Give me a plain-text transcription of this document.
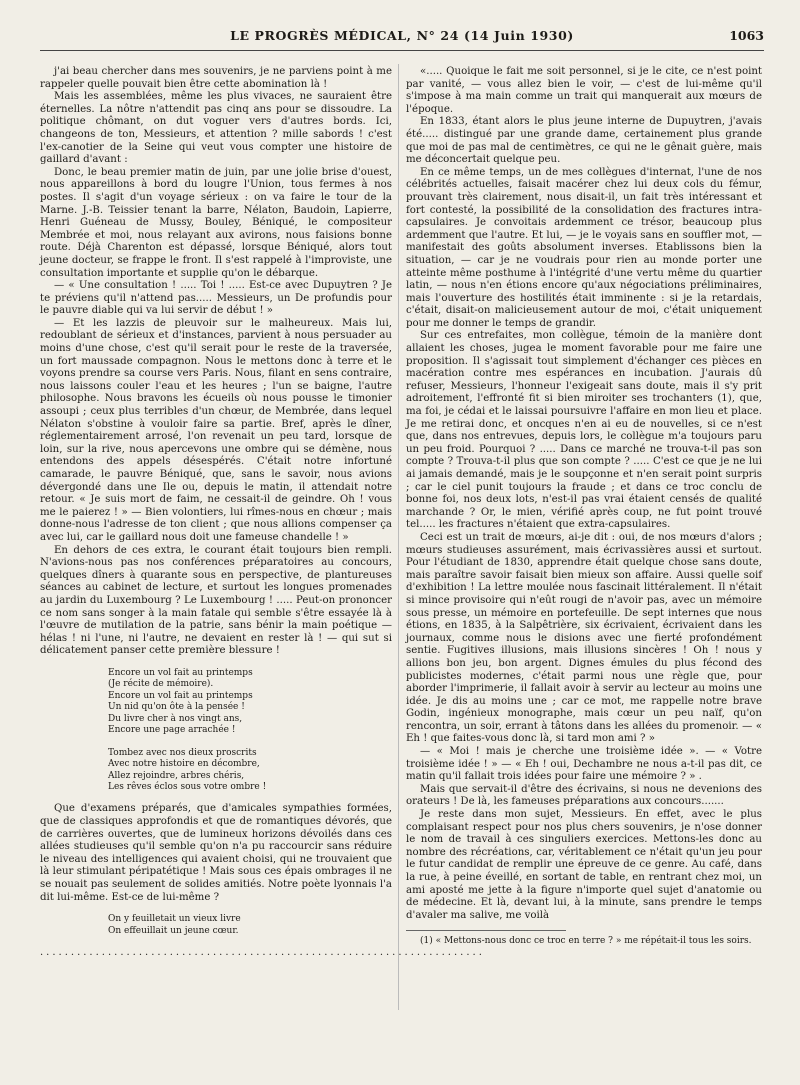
LE PROGRÈS MÉDICAL, N° 24 (14 Juin 1930)	1063

j'ai beau chercher dans mes souvenirs, je ne parviens point à me rappeler quelle pouvait bien être cette abomination là !

Mais les assemblées, même les plus vivaces, ne sauraient être éternelles. La nôtre n'attendit pas cinq ans pour se dissoudre. La politique chômant, on dut voguer vers d'autres bords. Ici, changeons de ton, Messieurs, et attention ? mille sabords ! c'est l'ex-canotier de la Seine qui veut vous compter une histoire de gaillard d'avant :

Donc, le beau premier matin de juin, par une jolie brise d'ouest, nous appareillons à bord du lougre l'Union, tous fermes à nos postes. Il s'agit d'un voyage sérieux : on va faire le tour de la Marne. J.-B. Teissier tenant la barre, Nélaton, Baudoin, Lapierre, Henri Guéneau de Mussy, Bouley, Béniqué, le compositeur Membrée et moi, nous relayant aux avirons, nous faisions bonne route. Déjà Charenton est dépassé, lorsque Béniqué, alors tout jeune docteur, se frappe le front. Il s'est rappelé à l'improviste, une consultation importante et supplie qu'on le débarque.

— « Une consultation ! ..... Toi ! ..... Est-ce avec Dupuytren ? Je te préviens qu'il n'attend pas..... Messieurs, un De profundis pour le pauvre diable qui va lui servir de début ! »

— Et les lazzis de pleuvoir sur le malheureux. Mais lui, redoublant de sérieux et d'instances, parvient à nous persuader au moins d'une chose, c'est qu'il serait pour le reste de la traversée, un fort maussade compagnon. Nous le mettons donc à terre et le voyons prendre sa course vers Paris. Nous, filant en sens contraire, nous laissons couler l'eau et les heures ; l'un se baigne, l'autre philosophe. Nous bravons les écueils où nous pousse le timonier assoupi ; ceux plus terribles d'un chœur, de Membrée, dans lequel Nélaton s'obstine à vouloir faire sa partie. Bref, après le dîner, réglementairement arrosé, l'on revenait un peu tard, lorsque de loin, sur la rive, nous apercevons une ombre qui se démène, nous entendons des appels désespérés. C'était notre infortuné camarade, le pauvre Béniqué, que, sans le savoir, nous avions dévergondé dans une Ile ou, depuis le matin, il attendait notre retour. « Je suis mort de faim, ne cessait-il de geindre. Oh ! vous me le paierez ! » — Bien volontiers, lui rîmes-nous en chœur ; mais donne-nous l'adresse de ton client ; que nous allions compenser ça avec lui, car le gaillard nous doit une fameuse chandelle ! »

En dehors de ces extra, le courant était toujours bien rempli. N'avions-nous pas nos conférences préparatoires au concours, quelques dîners à quarante sous en perspective, de plantureuses séances au cabinet de lecture, et surtout les longues promenades au jardin du Luxembourg ? Le Luxembourg ! ..... Peut-on prononcer ce nom sans songer à la main fatale qui semble s'être essayée là à l'œuvre de mutilation de la patrie, sans bénir la main poétique — hélas ! ni l'une, ni l'autre, ne devaient en rester là ! — qui sut si délicatement panser cette première blessure !

Encore un vol fait au printemps
(Je récite de mémoire).
Encore un vol fait au printemps
Un nid qu'on ôte à la pensée !
Du livre cher à nos vingt ans,
Encore une page arrachée !
Tombez avec nos dieux proscrits
Avec notre histoire en décombre,
Allez rejoindre, arbres chéris,
Les rêves éclos sous votre ombre !

Que d'examens préparés, que d'amicales sympathies formées, que de classiques approfondis et que de romantiques dévorés, que de carrières ouvertes, que de lumineux horizons dévoilés dans ces allées studieuses qu'il semble qu'on n'a pu raccourcir sans réduire le niveau des intelligences qui avaient choisi, qui ne trouvaient que là leur stimulant péripatétique ! Mais sous ces épais ombrages il ne se nouait pas seulement de solides amitiés. Notre poète lyonnais l'a dit lui-même. Est-ce de lui-même ?

On y feuilletait un vieux livre
On effeuillait un jeune cœur.
........................................................................

«..... Quoique le fait me soit personnel, si je le cite, ce n'est point par vanité, — vous allez bien le voir, — c'est de lui-même qu'il s'impose à ma main comme un trait qui manquerait aux mœurs de l'époque.

En 1833, étant alors le plus jeune interne de Dupuytren, j'avais été..... distingué par une grande dame, certainement plus grande que moi de pas mal de centimètres, ce qui ne le gênait guère, mais me déconcertait quelque peu.

En ce même temps, un de mes collègues d'internat, l'une de nos célébrités actuelles, faisait macérer chez lui deux cols du fémur, prouvant très clairement, nous disait-il, un fait très intéressant et fort contesté, la possibilité de la consolidation des fractures intra-capsulaires. Je convoitais ardemment ce trésor, beaucoup plus ardemment que l'autre. Et lui, — je le voyais sans en souffler mot, — manifestait des goûts absolument inverses. Etablissons bien la situation, — car je ne voudrais pour rien au monde porter une atteinte même posthume à l'intégrité d'une vertu même du quartier latin, — nous n'en étions encore qu'aux négociations préliminaires, mais l'ouverture des hostilités était imminente : si je la retardais, c'était, disait-on malicieusement autour de moi, c'était uniquement pour me donner le temps de grandir.

Sur ces entrefaites, mon collègue, témoin de la manière dont allaient les choses, jugea le moment favorable pour me faire une proposition. Il s'agissait tout simplement d'échanger ces pièces en macération contre mes espérances en incubation. J'aurais dû refuser, Messieurs, l'honneur l'exigeait sans doute, mais il s'y prit adroitement, l'effronté fit si bien miroiter ses trochanters (1), que, ma foi, je cédai et le laissai poursuivre l'affaire en mon lieu et place. Je me retirai donc, et oncques n'en ai eu de nouvelles, si ce n'est que, dans nos entrevues, depuis lors, le collègue m'a toujours paru un peu froid. Pourquoi ? ..... Dans ce marché ne trouva-t-il pas son compte ? Trouva-t-il plus que son compte ? ..... C'est ce que je ne lui ai jamais demandé, mais je le soupçonne et n'en serait point surpris ; car le ciel punit toujours la fraude ; et dans ce troc conclu de bonne foi, nos deux lots, n'est-il pas vrai étaient censés de qualité marchande ? Or, le mien, vérifié après coup, ne fut point trouvé tel..... les fractures n'étaient que extra-capsulaires.

Ceci est un trait de mœurs, ai-je dit : oui, de nos mœurs d'alors ; mœurs studieuses assurément, mais écrivassières aussi et surtout. Pour l'étudiant de 1830, apprendre était quelque chose sans doute, mais paraître savoir faisait bien mieux son affaire. Aussi quelle soif d'exhibition ! La lettre moulée nous fascinait littéralement. Il n'était si mince provisoire qui n'eût rougi de n'avoir pas, avec un mémoire sous presse, un mémoire en portefeuille. De sept internes que nous étions, en 1835, à la Salpêtrière, six écrivaient, écrivaient dans les journaux, comme nous le disions avec une fierté profondément sentie. Fugitives illusions, mais illusions sincères ! Oh ! nous y allions bon jeu, bon argent. Dignes émules du plus fécond des publicistes modernes, c'était parmi nous une règle que, pour aborder l'imprimerie, il fallait avoir à servir au lecteur au moins une idée. Je dis au moins une ; car ce mot, me rappelle notre brave Godin, ingénieux monographe, mais cœur un peu naïf, qu'on rencontra, un soir, errant à tâtons dans les allées du promenoir. — « Eh ! que faites-vous donc là, si tard mon ami ? »

— « Moi ! mais je cherche une troisième idée ». — « Votre troisième idée ! » — « Eh ! oui, Dechambre ne nous a-t-il pas dit, ce matin qu'il fallait trois idées pour faire une mémoire ? » .

Mais que servait-il d'être des écrivains, si nous ne devenions des orateurs ! De là, les fameuses préparations aux concours.......

Je reste dans mon sujet, Messieurs. En effet, avec le plus complaisant respect pour nos plus chers souvenirs, je n'ose donner le nom de travail à ces singuliers exercices. Mettons-les donc au nombre des récréations, car, véritablement ce n'était qu'un jeu pour le futur candidat de remplir une épreuve de ce genre. Au café, dans la rue, à peine éveillé, en sortant de table, en rentrant chez moi, un ami aposté me jette à la figure n'importe quel sujet d'anatomie ou de médecine. Et là, devant lui, à la minute, sans prendre le temps d'avaler ma salive, me voilà

(1) « Mettons-nous donc ce troc en terre ? » me répétait-il tous les soirs.
